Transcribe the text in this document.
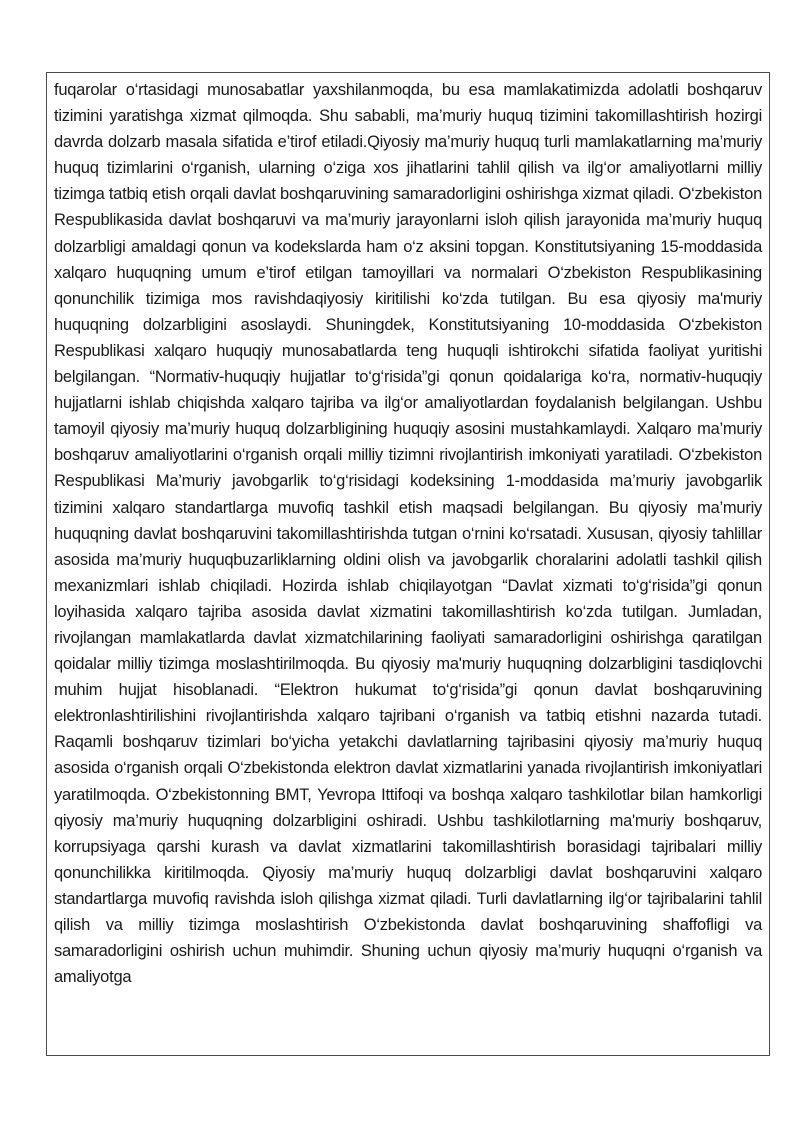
fuqarolar o‘rtasidagi munosabatlar yaxshilanmoqda, bu esa mamlakatimizda adolatli boshqaruv tizimini yaratishga xizmat qilmoqda. Shu sababli, ma’muriy huquq tizimini takomillashtirish hozirgi davrda dolzarb masala sifatida e’tirof etiladi.Qiyosiy ma’muriy huquq turli mamlakatlarning ma’muriy huquq tizimlarini o‘rganish, ularning o‘ziga xos jihatlarini tahlil qilish va ilg‘or amaliyotlarni milliy tizimga tatbiq etish orqali davlat boshqaruvining samaradorligini oshirishga xizmat qiladi. O‘zbekiston Respublikasida davlat boshqaruvi va ma’muriy jarayonlarni isloh qilish jarayonida ma’muriy huquq dolzarbligi amaldagi qonun va kodekslarda ham o‘z aksini topgan. Konstitutsiyaning 15-moddasida xalqaro huquqning umum e’tirof etilgan tamoyillari va normalari O‘zbekiston Respublikasining qonunchilik tizimiga mos ravishdaqiyosiy kiritilishi ko‘zda tutilgan. Bu esa qiyosiy ma'muriy huquqning dolzarbligini asoslaydi. Shuningdek, Konstitutsiyaning 10-moddasida O‘zbekiston Respublikasi xalqaro huquqiy munosabatlarda teng huquqli ishtirokchi sifatida faoliyat yuritishi belgilangan. “Normativ-huquqiy hujjatlar to‘g‘risida”gi qonun qoidalariga ko‘ra, normativ-huquqiy hujjatlarni ishlab chiqishda xalqaro tajriba va ilg‘or amaliyotlardan foydalanish belgilangan. Ushbu tamoyil qiyosiy ma’muriy huquq dolzarbligining huquqiy asosini mustahkamlaydi. Xalqaro ma’muriy boshqaruv amaliyotlarini o‘rganish orqali milliy tizimni rivojlantirish imkoniyati yaratiladi. O‘zbekiston Respublikasi Ma’muriy javobgarlik to‘g‘risidagi kodeksining 1-moddasida ma’muriy javobgarlik tizimini xalqaro standartlarga muvofiq tashkil etish maqsadi belgilangan. Bu qiyosiy ma’muriy huquqning davlat boshqaruvini takomillashtirishda tutgan o‘rnini ko‘rsatadi. Xususan, qiyosiy tahlillar asosida ma’muriy huquqbuzarliklarning oldini olish va javobgarlik choralarini adolatli tashkil qilish mexanizmlari ishlab chiqiladi. Hozirda ishlab chiqilayotgan “Davlat xizmati to‘g‘risida”gi qonun loyihasida xalqaro tajriba asosida davlat xizmatini takomillashtirish ko‘zda tutilgan. Jumladan, rivojlangan mamlakatlarda davlat xizmatchilarining faoliyati samaradorligini oshirishga qaratilgan qoidalar milliy tizimga moslashtirilmoqda. Bu qiyosiy ma'muriy huquqning dolzarbligini tasdiqlovchi muhim hujjat hisoblanadi. “Elektron hukumat to‘g‘risida”gi qonun davlat boshqaruvining elektronlashtirilishini rivojlantirishda xalqaro tajribani o‘rganish va tatbiq etishni nazarda tutadi. Raqamli boshqaruv tizimlari bo‘yicha yetakchi davlatlarning tajribasini qiyosiy ma’muriy huquq asosida o‘rganish orqali O‘zbekistonda elektron davlat xizmatlarini yanada rivojlantirish imkoniyatlari yaratilmoqda. O‘zbekistonning BMT, Yevropa Ittifoqi va boshqa xalqaro tashkilotlar bilan hamkorligi qiyosiy ma’muriy huquqning dolzarbligini oshiradi. Ushbu tashkilotlarning ma'muriy boshqaruv, korrupsiyaga qarshi kurash va davlat xizmatlarini takomillashtirish borasidagi tajribalari milliy qonunchilikka kiritilmoqda. Qiyosiy ma’muriy huquq dolzarbligi davlat boshqaruvini xalqaro standartlarga muvofiq ravishda isloh qilishga xizmat qiladi. Turli davlatlarning ilg‘or tajribalarini tahlil qilish va milliy tizimga moslashtirish O‘zbekistonda davlat boshqaruvining shaffofligi va samaradorligini oshirish uchun muhimdir. Shuning uchun qiyosiy ma’muriy huquqni o‘rganish va amaliyotga
